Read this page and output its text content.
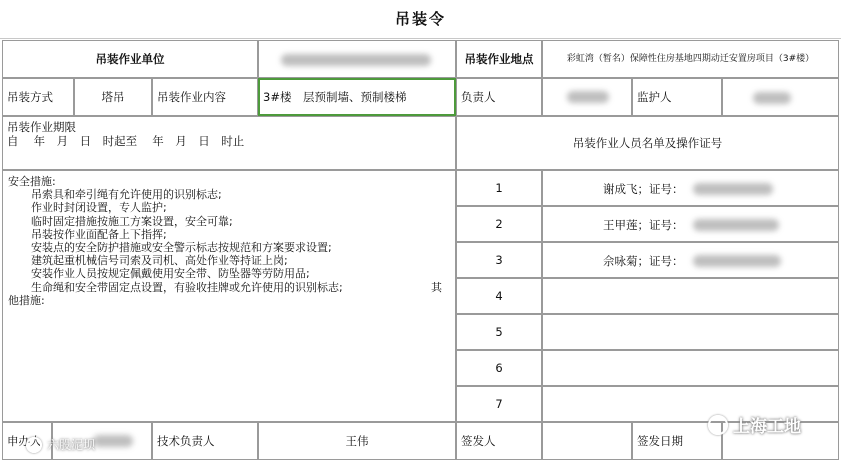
吊装令
吊装作业单位	吊装作业地点	彩虹湾（暂名）保障性住房基地四期动迁安置房项目（3#楼）
吊装方式	塔吊	吊装作业内容	3#楼　层预制墙、预制楼梯	负责人	监护人
吊装作业期限
自　 年　月　日　时起至　 年　月　日　时止	吊装作业人员名单及操作证号
安全措施:
吊索具和牵引绳有允许使用的识别标志;
作业时封闭设置，专人监护;
临时固定措施按施工方案设置，安全可靠;
吊装按作业面配备上下指挥;
安装点的安全防护措施或安全警示标志按规范和方案要求设置;
建筑起重机械信号司索及司机、高处作业等持证上岗;
安装作业人员按规定佩戴使用安全带、防坠器等劳防用品;
生命绳和安全带固定点设置，有验收挂牌或允许使用的识别标志;	其
他措施:
1	谢成飞；证号：
2	王甲莲；证号：
3	佘咏菊；证号：
4
5
6
7
申办人	技术负责人	王伟	签发人	签发日期
六股泥坝
上海工地
